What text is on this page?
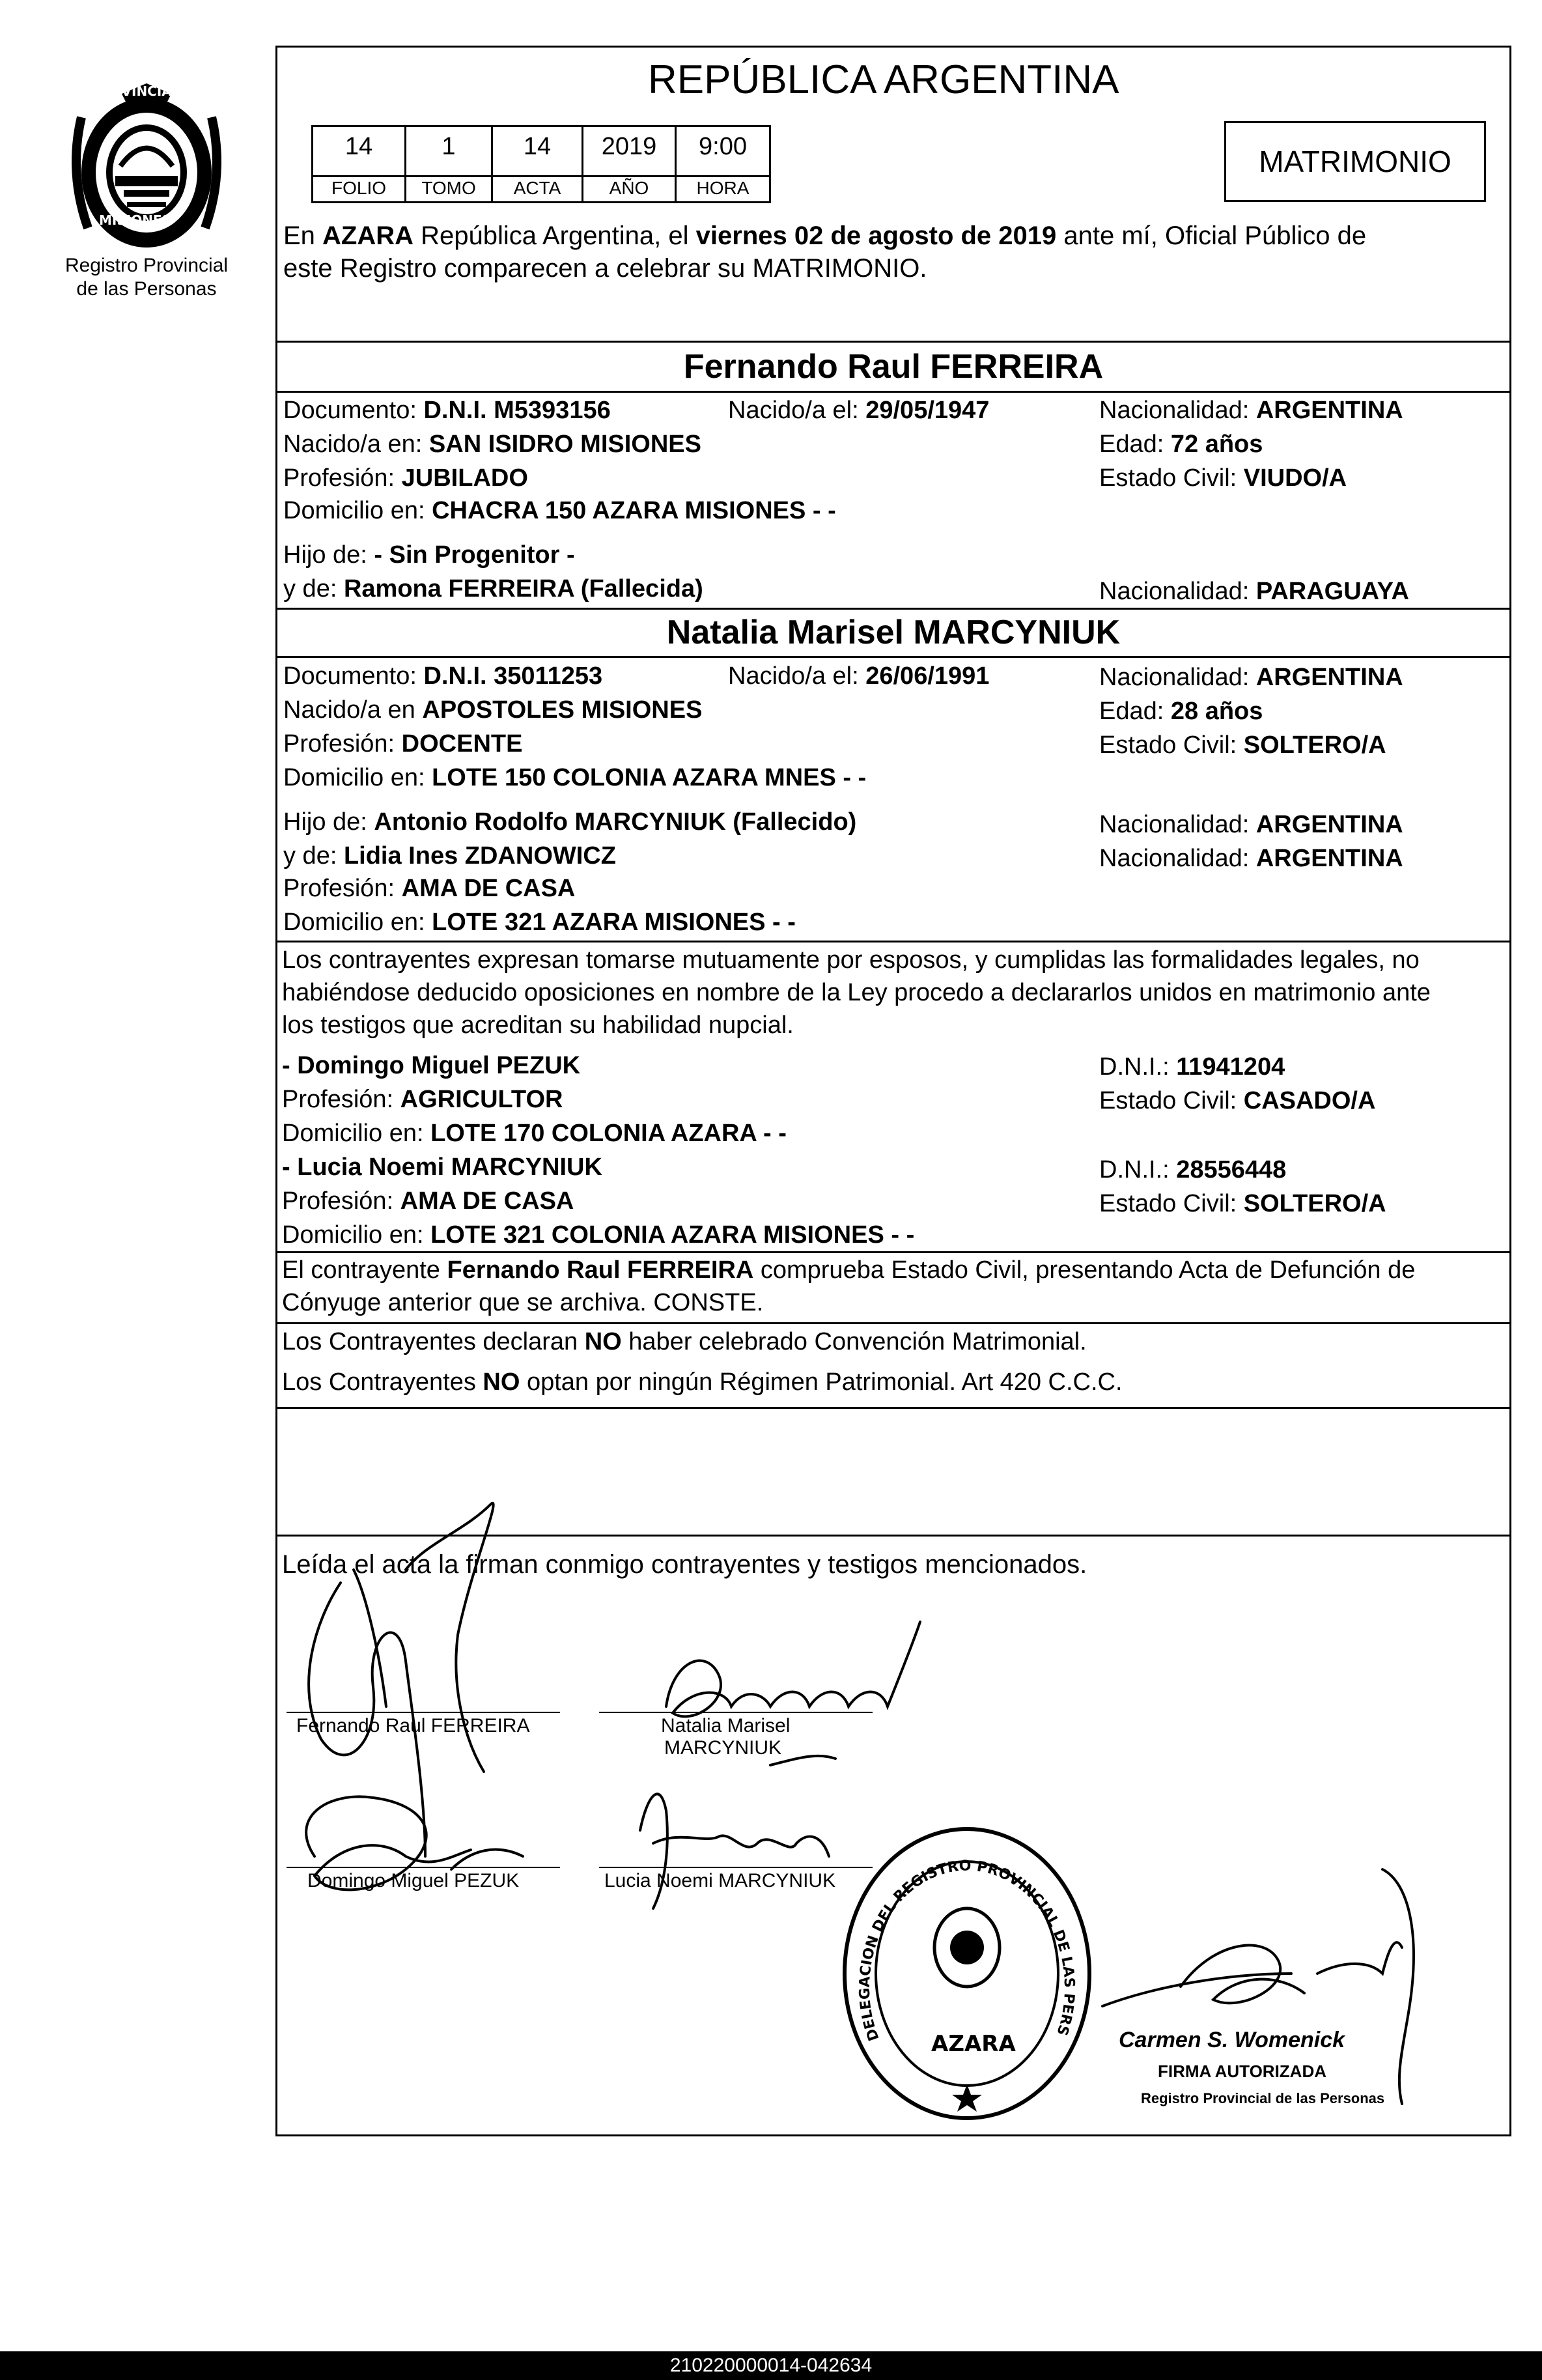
PROVINCIA DE
MISIONES
Registro Provincial
de las Personas
REPÚBLICA ARGENTINA
14	1	14	2019	9:00
FOLIO	TOMO	ACTA	AÑO	HORA
MATRIMONIO
En AZARA República Argentina, el viernes 02 de agosto de 2019 ante mí, Oficial Público de
este Registro comparecen a celebrar su MATRIMONIO.
Fernando Raul FERREIRA
Documento: D.N.I. M5393156	Nacido/a el: 29/05/1947	Nacionalidad: ARGENTINA
Nacido/a en: SAN ISIDRO MISIONES	Edad: 72 años
Profesión: JUBILADO	Estado Civil: VIUDO/A
Domicilio en: CHACRA 150 AZARA MISIONES - -
Hijo de: - Sin Progenitor -
y de: Ramona FERREIRA (Fallecida)	Nacionalidad: PARAGUAYA
Natalia Marisel MARCYNIUK
Documento: D.N.I. 35011253	Nacido/a el: 26/06/1991	Nacionalidad: ARGENTINA
Nacido/a en APOSTOLES MISIONES	Edad: 28 años
Profesión: DOCENTE	Estado Civil: SOLTERO/A
Domicilio en: LOTE 150 COLONIA AZARA MNES - -
Hijo de: Antonio Rodolfo MARCYNIUK (Fallecido)	Nacionalidad: ARGENTINA
y de: Lidia Ines ZDANOWICZ	Nacionalidad: ARGENTINA
Profesión: AMA DE CASA
Domicilio en: LOTE 321 AZARA MISIONES - -
Los contrayentes expresan tomarse mutuamente por esposos, y cumplidas las formalidades legales, no
habiéndose deducido oposiciones en nombre de la Ley procedo a declararlos unidos en matrimonio ante
los testigos que acreditan su habilidad nupcial.
- Domingo Miguel PEZUK	D.N.I.: 11941204
Profesión: AGRICULTOR	Estado Civil: CASADO/A
Domicilio en: LOTE 170 COLONIA AZARA - -
- Lucia Noemi MARCYNIUK	D.N.I.: 28556448
Profesión: AMA DE CASA	Estado Civil: SOLTERO/A
Domicilio en: LOTE 321 COLONIA AZARA MISIONES - -
El contrayente Fernando Raul FERREIRA comprueba Estado Civil, presentando Acta de Defunción de
Cónyuge anterior que se archiva. CONSTE.
Los Contrayentes declaran NO haber celebrado Convención Matrimonial.
Los Contrayentes NO optan por ningún Régimen Patrimonial. Art 420 C.C.C.
Leída el acta la firman conmigo contrayentes y testigos mencionados.
Fernando Raul FERREIRA	Natalia Marisel
MARCYNIUK
Domingo Miguel PEZUK	Lucia Noemi MARCYNIUK
DELEGACION DEL REGISTRO PROVINCIAL DE LAS PERS
AZARA	Carmen S. Womenick
FIRMA AUTORIZADA
Registro Provincial de las Personas
210220000014-042634
